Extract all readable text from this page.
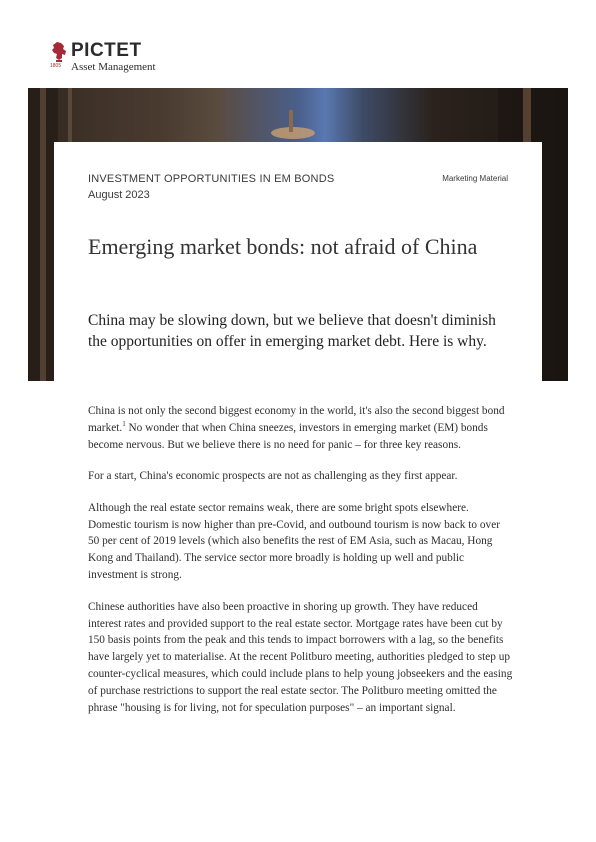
PICTET
Asset Management
1805
INVESTMENT OPPORTUNITIES IN EM BONDS
August 2023
Marketing Material
Emerging market bonds: not afraid of China
China may be slowing down, but we believe that doesn't diminish the opportunities on offer in emerging market debt. Here is why.

China is not only the second biggest economy in the world, it's also the second biggest bond market.$^1$ No wonder that when China sneezes, investors in emerging market (EM) bonds become nervous. But we believe there is no need for panic – for three key reasons.

For a start, China's economic prospects are not as challenging as they first appear.

Although the real estate sector remains weak, there are some bright spots elsewhere. Domestic tourism is now higher than pre-Covid, and outbound tourism is now back to over 50 per cent of 2019 levels (which also benefits the rest of EM Asia, such as Macau, Hong Kong and Thailand). The service sector more broadly is holding up well and public investment is strong.

Chinese authorities have also been proactive in shoring up growth. They have reduced interest rates and provided support to the real estate sector. Mortgage rates have been cut by 150 basis points from the peak and this tends to impact borrowers with a lag, so the benefits have largely yet to materialise. At the recent Politburo meeting, authorities pledged to step up counter-cyclical measures, which could include plans to help young jobseekers and the easing of purchase restrictions to support the real estate sector. The Politburo meeting omitted the phrase "housing is for living, not for speculation purposes" – an important signal.
